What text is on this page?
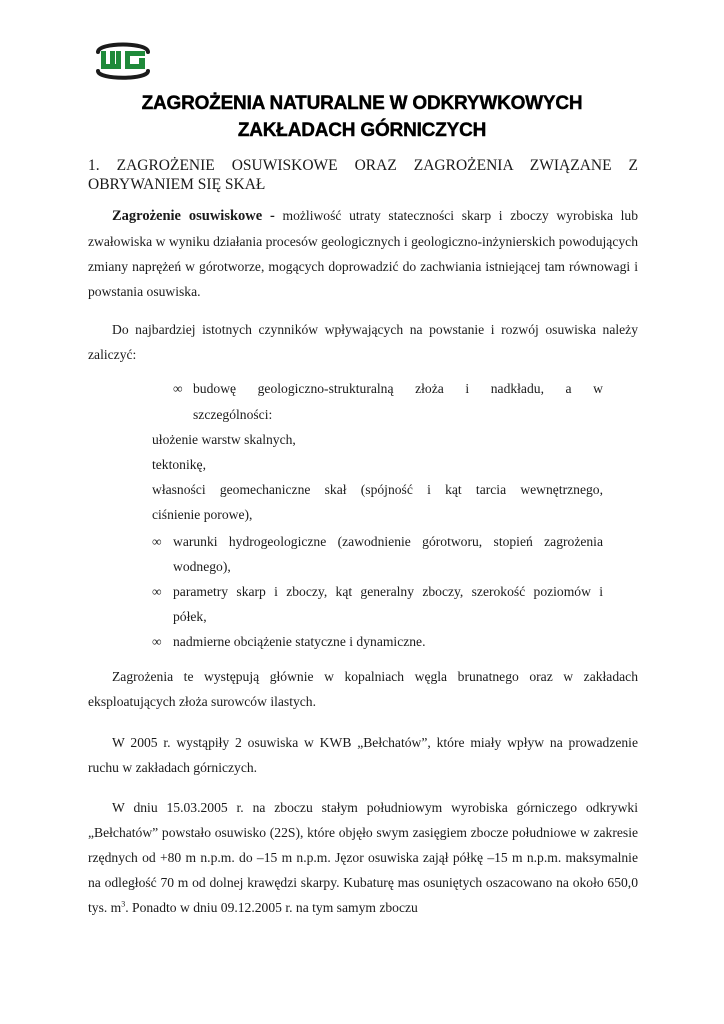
ZAGROŻENIA NATURALNE W ODKRYWKOWYCH
ZAKŁADACH GÓRNICZYCH
1. ZAGROŻENIE OSUWISKOWE ORAZ ZAGROŻENIA ZWIĄZANE Z
OBRYWANIEM SIĘ SKAŁ
Zagrożenie osuwiskowe - możliwość utraty stateczności skarp i zboczy wyrobiska lub zwałowiska w wyniku działania procesów geologicznych i geologiczno-inżynierskich powodujących zmiany naprężeń w górotworze, mogących doprowadzić do zachwiania istniejącej tam równowagi i powstania osuwiska.
Do najbardziej istotnych czynników wpływających na powstanie i rozwój osuwiska należy zaliczyć:
∞ budowę geologiczno-strukturalną złoża i nadkładu, a w
szczególności:
ułożenie warstw skalnych,
tektonikę,
własności geomechaniczne skał (spójność i kąt tarcia wewnętrznego,
ciśnienie porowe),
∞ warunki hydrogeologiczne (zawodnienie górotworu, stopień zagrożenia
wodnego),
∞ parametry skarp i zboczy, kąt generalny zboczy, szerokość poziomów i
półek,
∞ nadmierne obciążenie statyczne i dynamiczne.
Zagrożenia te występują głównie w kopalniach węgla brunatnego oraz w zakładach eksploatujących złoża surowców ilastych.
W 2005 r. wystąpiły 2 osuwiska w KWB „Bełchatów”, które miały wpływ na prowadzenie ruchu w zakładach górniczych.
W dniu 15.03.2005 r. na zboczu stałym południowym wyrobiska górniczego odkrywki „Bełchatów” powstało osuwisko (22S), które objęło swym zasięgiem zbocze południowe w zakresie rzędnych od +80 m n.p.m. do –15 m n.p.m. Jęzor osuwiska zajął półkę –15 m n.p.m. maksymalnie na odległość 70 m od dolnej krawędzi skarpy. Kubaturę mas osuniętych oszacowano na około 650,0 tys. $m^3$. Ponadto w dniu 09.12.2005 r. na tym samym zboczu
